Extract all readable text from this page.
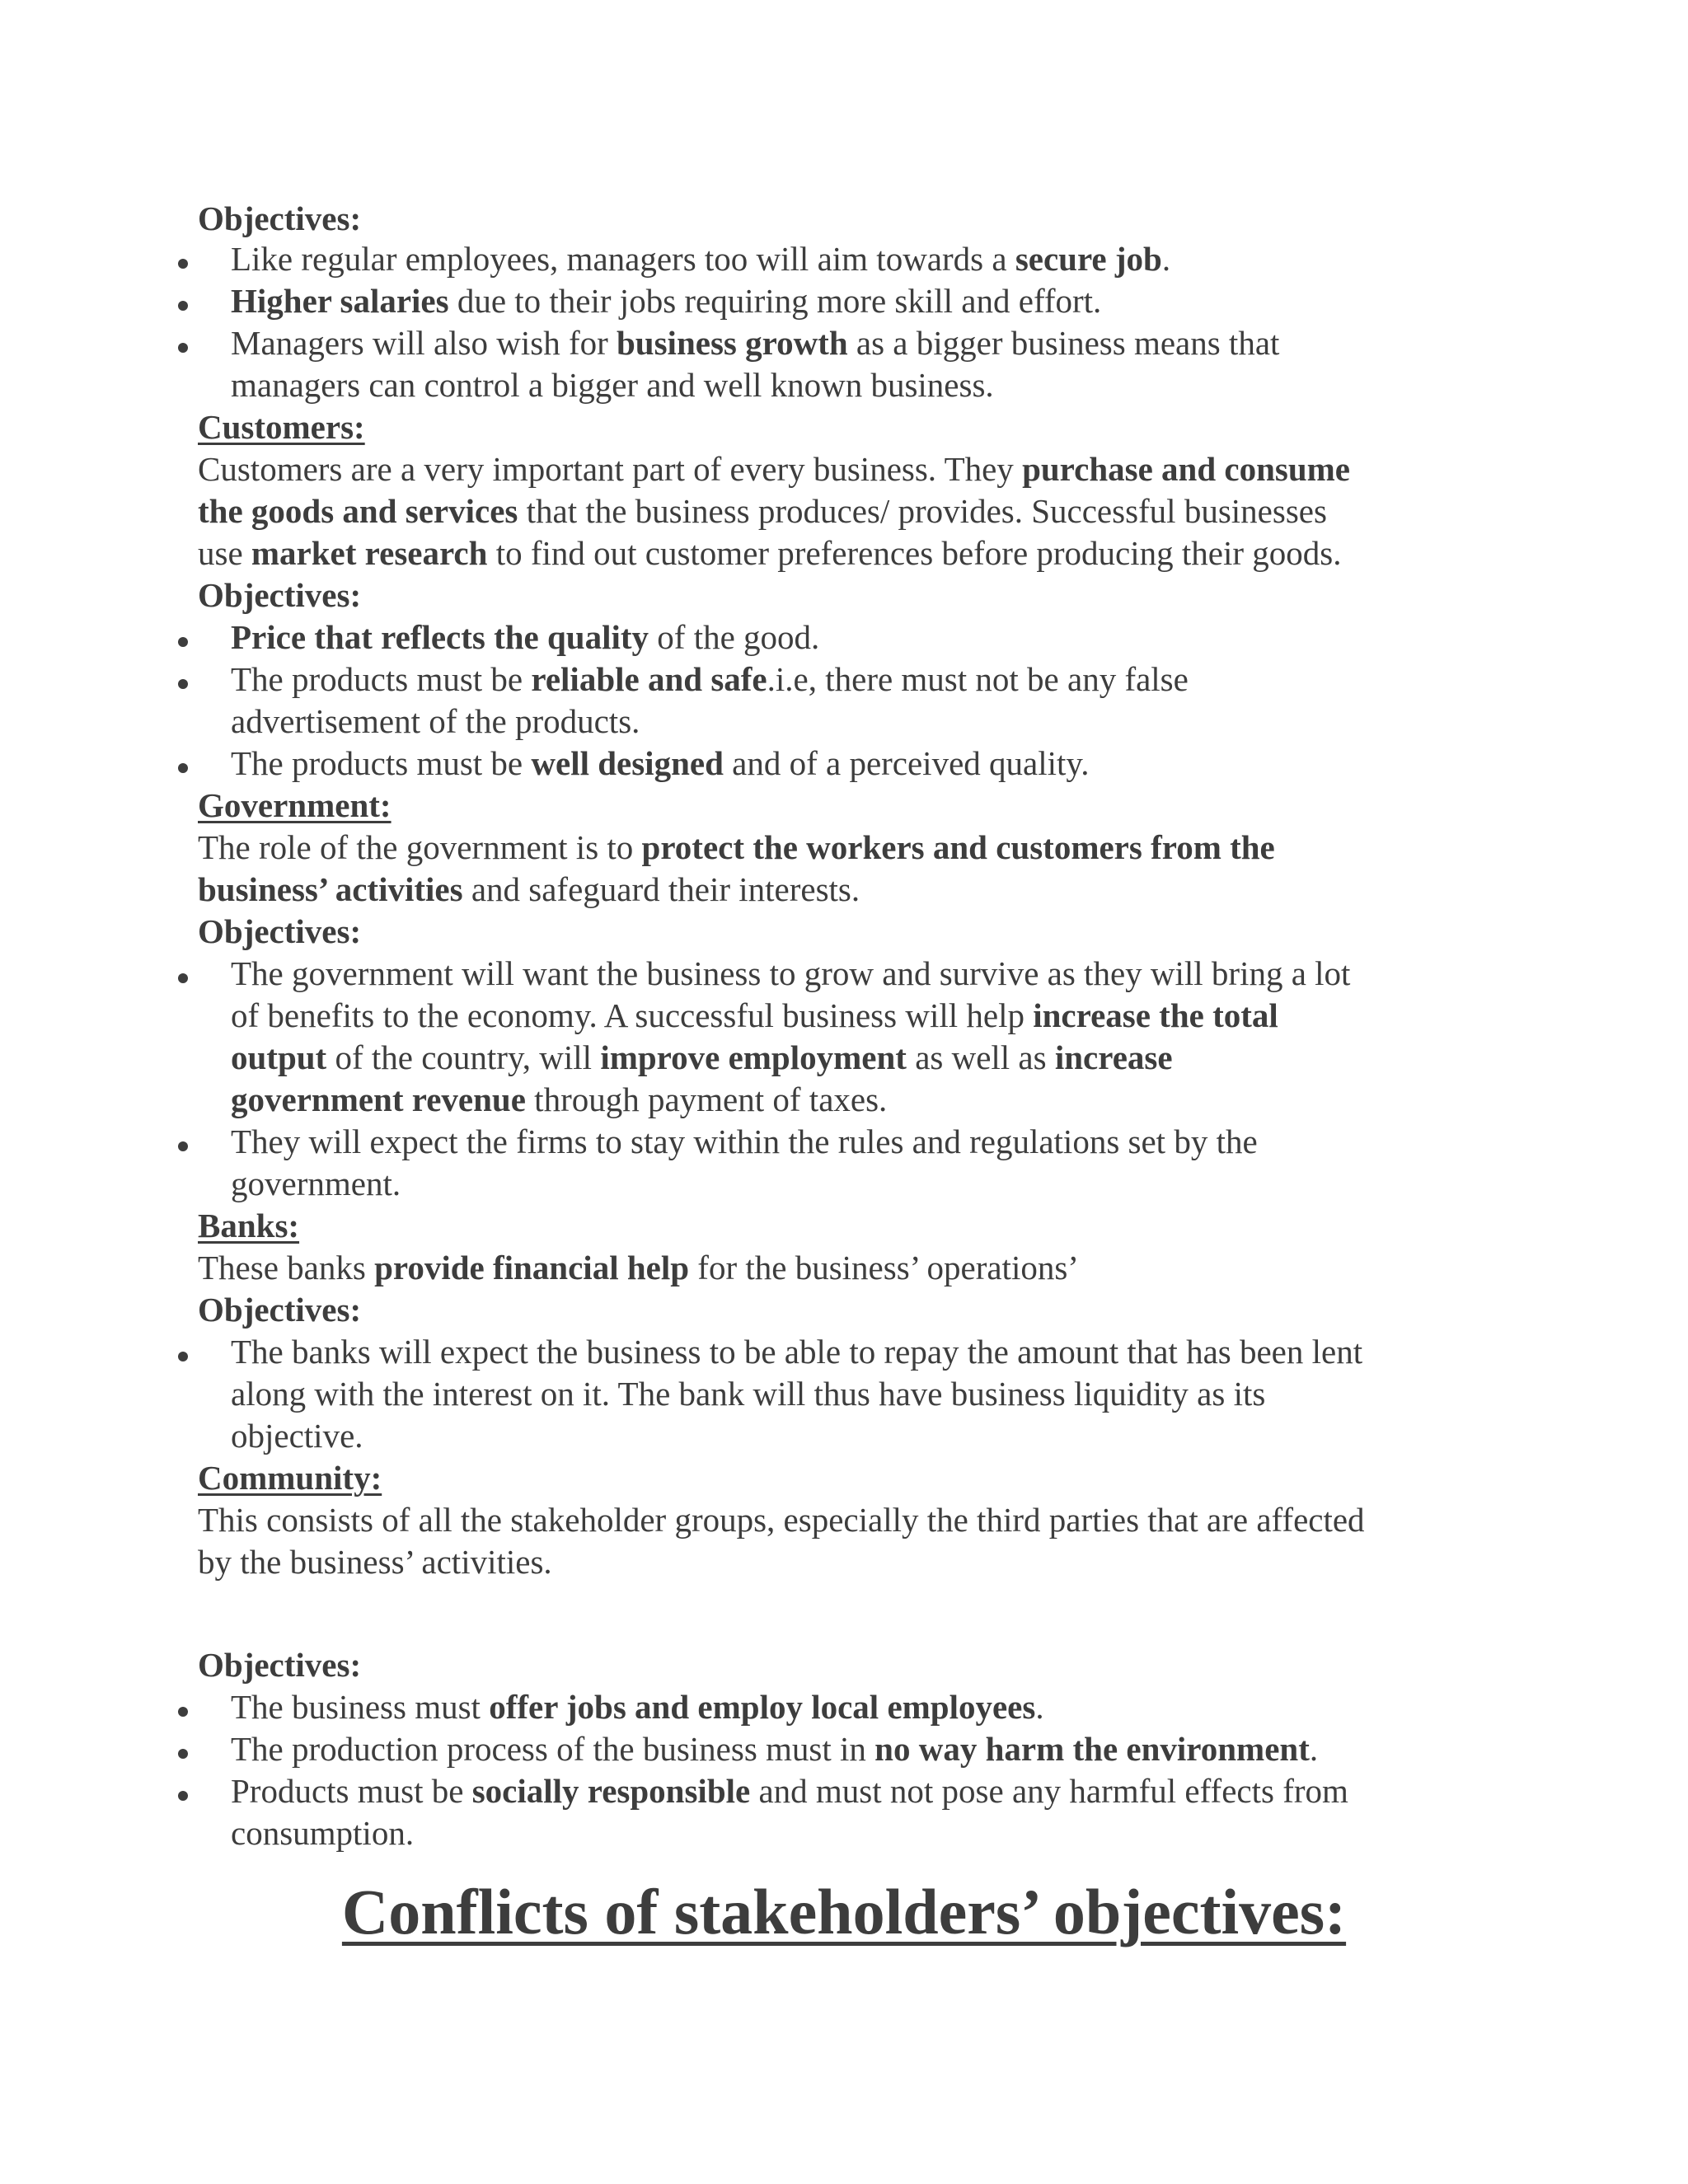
Objectives:
Like regular employees, managers too will aim towards a secure job.
Higher salaries due to their jobs requiring more skill and effort.
Managers will also wish for business growth as a bigger business means that
managers can control a bigger and well known business.
Customers:
Customers are a very important part of every business. They purchase and consume
the goods and services that the business produces/ provides. Successful businesses
use market research to find out customer preferences before producing their goods.
Objectives:
Price that reflects the quality of the good.
The products must be reliable and safe.i.e, there must not be any false
advertisement of the products.
The products must be well designed and of a perceived quality.
Government:
The role of the government is to protect the workers and customers from the
business’ activities and safeguard their interests.
Objectives:
The government will want the business to grow and survive as they will bring a lot
of benefits to the economy. A successful business will help increase the total
output of the country, will improve employment as well as increase
government revenue through payment of taxes.
They will expect the firms to stay within the rules and regulations set by the
government.
Banks:
These banks provide financial help for the business’ operations’
Objectives:
The banks will expect the business to be able to repay the amount that has been lent
along with the interest on it. The bank will thus have business liquidity as its
objective.
Community:
This consists of all the stakeholder groups, especially the third parties that are affected
by the business’ activities.
Objectives:
The business must offer jobs and employ local employees.
The production process of the business must in no way harm the environment.
Products must be socially responsible and must not pose any harmful effects from
consumption.
Conflicts of stakeholders’ objectives:
